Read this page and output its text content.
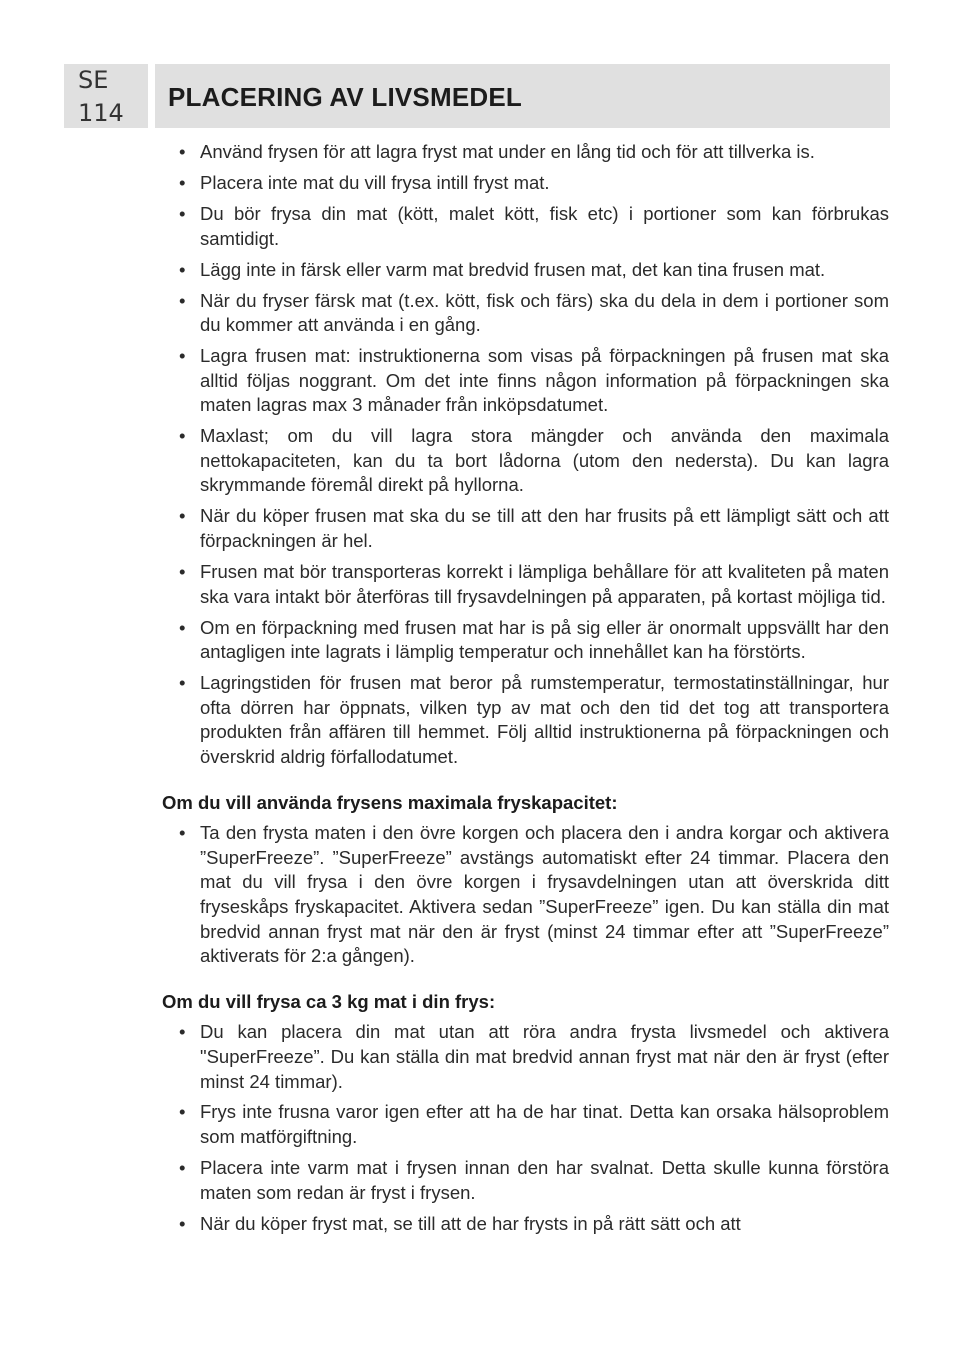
SE
114
PLACERING AV LIVSMEDEL
• Använd frysen för att lagra fryst mat under en lång tid och för att tillverka is.
• Placera inte mat du vill frysa intill fryst mat.
• Du bör frysa din mat (kött, malet kött, fisk etc) i portioner som kan förbrukas samtidigt.
• Lägg inte in färsk eller varm mat bredvid frusen mat, det kan tina frusen mat.
• När du fryser färsk mat (t.ex. kött, fisk och färs) ska du dela in dem i portioner som du kommer att använda i en gång.
• Lagra frusen mat: instruktionerna som visas på förpackningen på frusen mat ska alltid följas noggrant. Om det inte finns någon information på förpackningen ska maten lagras max 3 månader från inköpsdatumet.
• Maxlast; om du vill lagra stora mängder och använda den maximala nettokapaciteten, kan du ta bort lådorna (utom den nedersta). Du kan lagra skrymmande föremål direkt på hyllorna.
• När du köper frusen mat ska du se till att den har frusits på ett lämpligt sätt och att förpackningen är hel.
• Frusen mat bör transporteras korrekt i lämpliga behållare för att kvaliteten på maten ska vara intakt bör återföras till frysavdelningen på apparaten, på kortast möjliga tid.
• Om en förpackning med frusen mat har is på sig eller är onormalt uppsvällt har den antagligen inte lagrats i lämplig temperatur och innehållet kan ha förstörts.
• Lagringstiden för frusen mat beror på rumstemperatur, termostatinställningar, hur ofta dörren har öppnats, vilken typ av mat och den tid det tog att transportera produkten från affären till hemmet. Följ alltid instruktionerna på förpackningen och överskrid aldrig förfallodatumet.
Om du vill använda frysens maximala fryskapacitet:
• Ta den frysta maten i den övre korgen och placera den i andra korgar och aktivera ”SuperFreeze”. ”SuperFreeze” avstängs automatiskt efter 24 timmar. Placera den mat du vill frysa i den övre korgen i frysavdelningen utan att överskrida ditt fryseskåps fryskapacitet. Aktivera sedan ”SuperFreeze” igen. Du kan ställa din mat bredvid annan fryst mat när den är fryst (minst 24 timmar efter att ”SuperFreeze” aktiverats för 2:a gången).
Om du vill frysa ca 3 kg mat i din frys:
• Du kan placera din mat utan att röra andra frysta livsmedel och aktivera "SuperFreeze”. Du kan ställa din mat bredvid annan fryst mat när den är fryst (efter minst 24 timmar).
• Frys inte frusna varor igen efter att ha de har tinat. Detta kan orsaka hälsoproblem som matförgiftning.
• Placera inte varm mat i frysen innan den har svalnat. Detta skulle kunna förstöra maten som redan är fryst i frysen.
• När du köper fryst mat, se till att de har frysts in på rätt sätt och att
